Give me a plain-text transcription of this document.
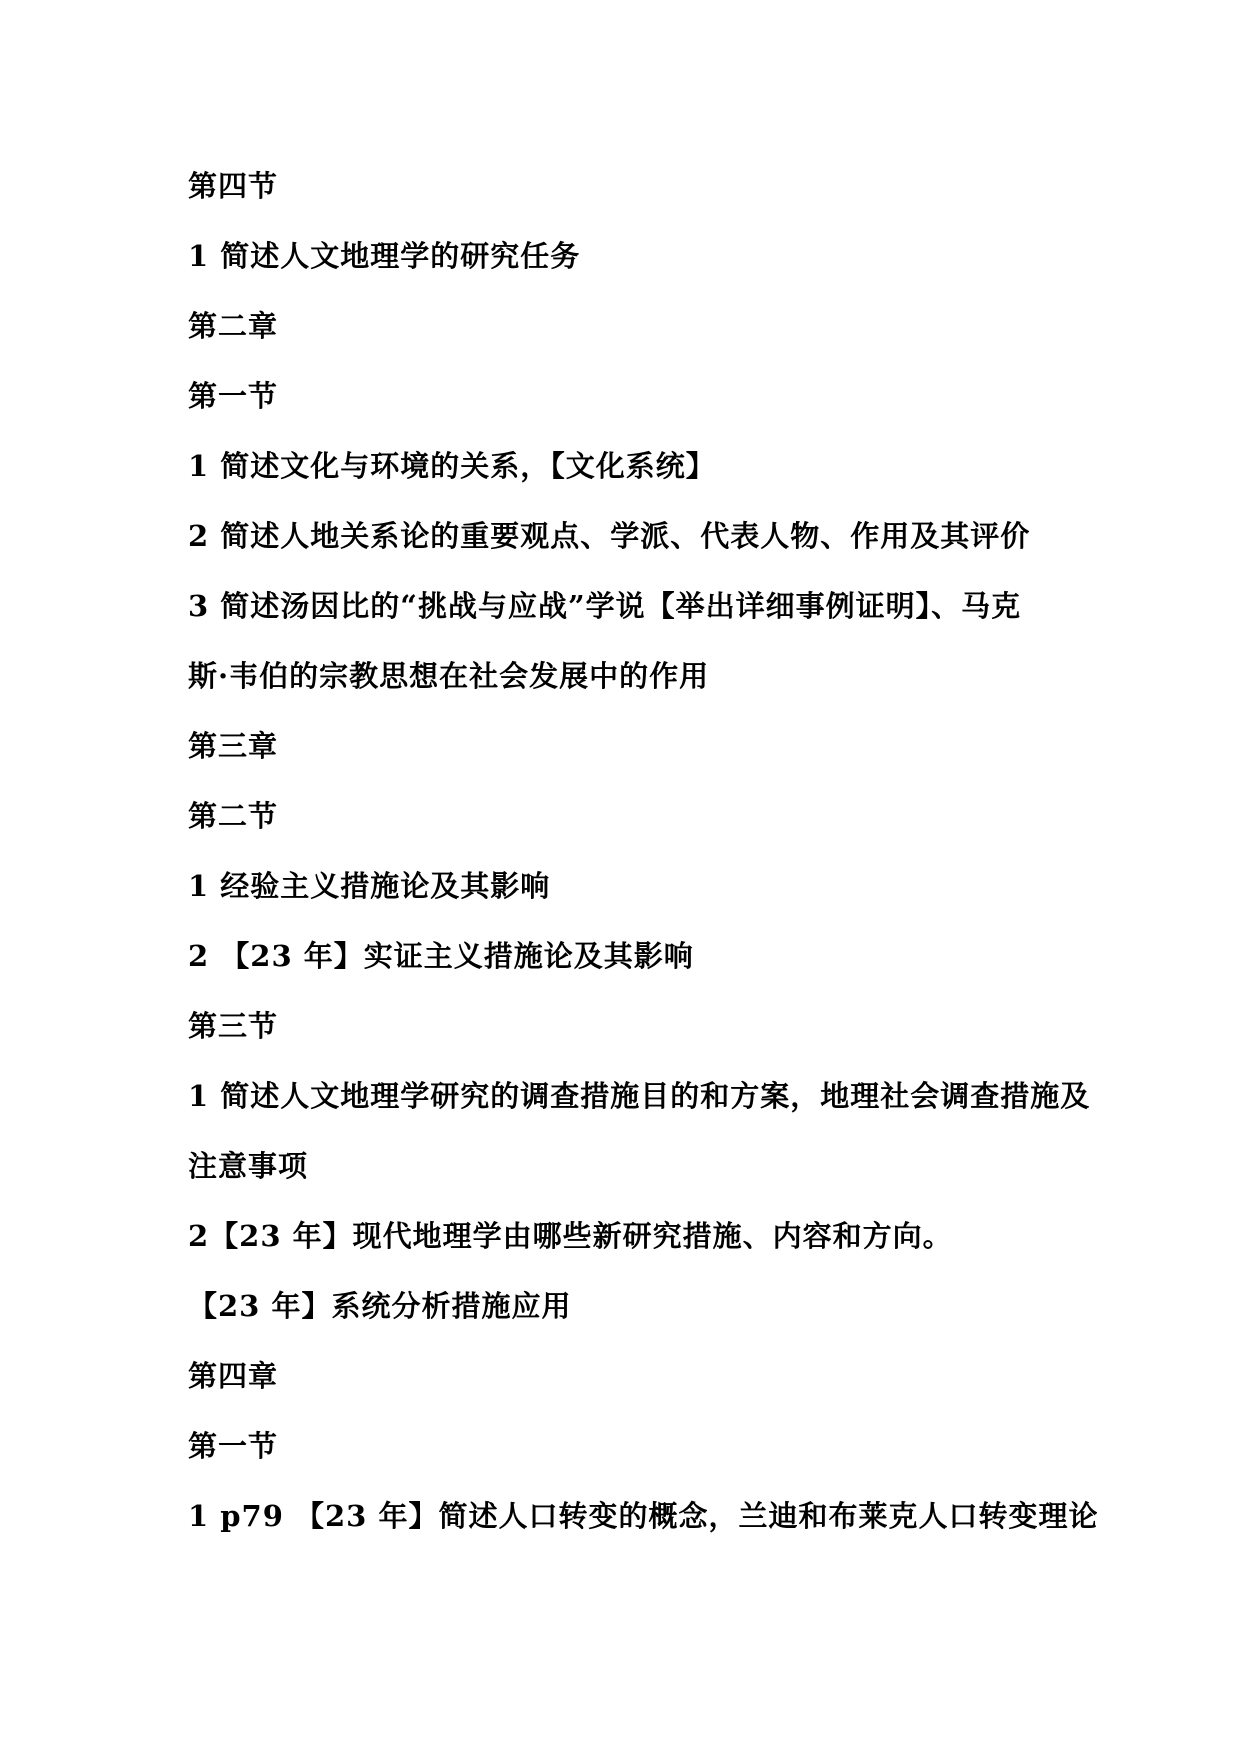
第四节
1 简述人文地理学的研究任务
第二章
第一节
1 简述文化与环境的关系，【文化系统】
2 简述人地关系论的重要观点、学派、代表人物、作用及其评价
3 简述汤因比的“挑战与应战”学说【举出详细事例证明】、马克
斯·韦伯的宗教思想在社会发展中的作用
第三章
第二节
1 经验主义措施论及其影响
2 【23 年】实证主义措施论及其影响
第三节
1 简述人文地理学研究的调查措施目的和方案，地理社会调查措施及
注意事项
2【23 年】现代地理学由哪些新研究措施、内容和方向。
【23 年】系统分析措施应用
第四章
第一节
1 p79 【23 年】简述人口转变的概念，兰迪和布莱克人口转变理论
